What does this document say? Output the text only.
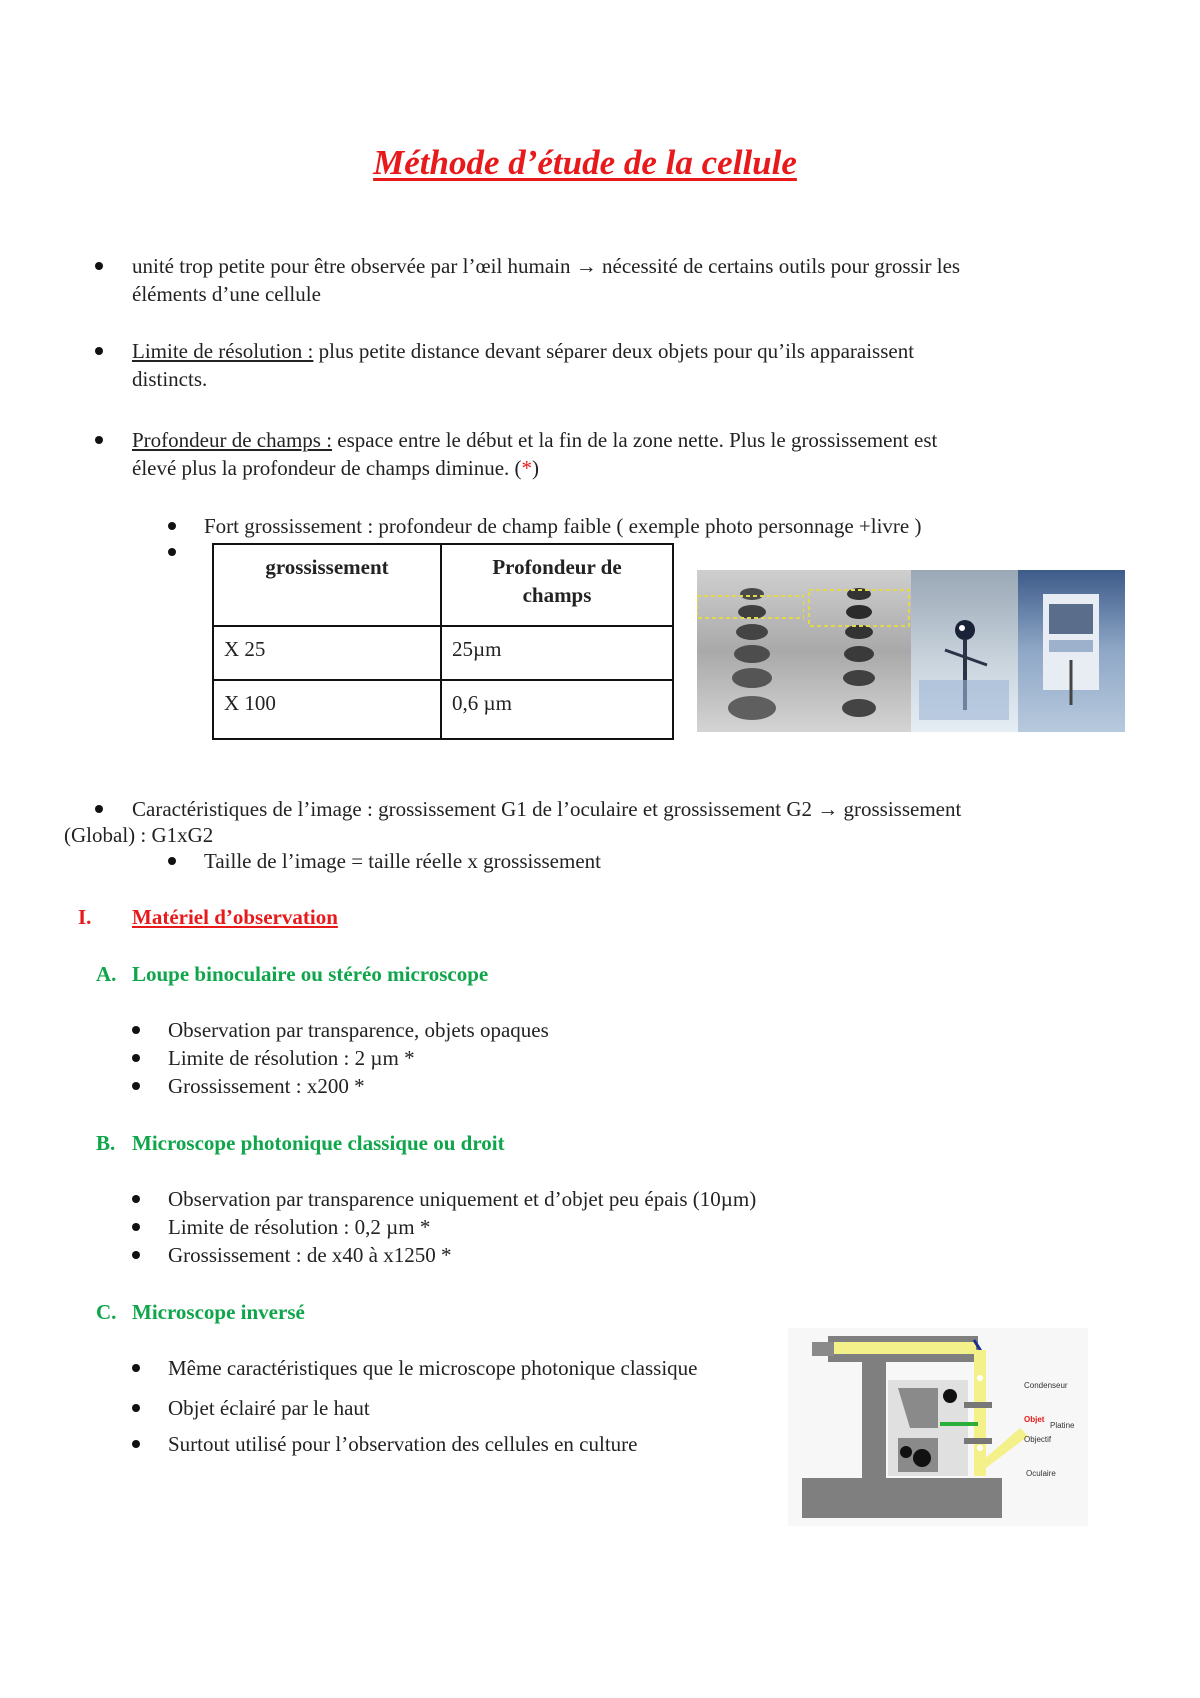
Méthode d’étude de la cellule
unité trop petite pour être observée par l’œil humain → nécessité de certains outils pour grossir les
éléments d’une cellule
Limite de résolution : plus petite distance devant séparer deux objets pour qu’ils apparaissent
distincts.
Profondeur de champs : espace entre le début et la fin de la zone nette. Plus le grossissement est
élevé plus la profondeur de champs diminue. (*)
Fort grossissement : profondeur de champ faible ( exemple photo personnage +livre )
grossissement	Profondeur de
champs
X 25	25µm
X 100	0,6 µm
Caractéristiques de l’image : grossissement G1 de l’oculaire et grossissement G2 → grossissement
(Global) : G1xG2
Taille de l’image = taille réelle x grossissement
I. Matériel d’observation
A. Loupe binoculaire ou stéréo microscope
Observation par transparence, objets opaques
Limite de résolution : 2 µm *
Grossissement : x200 *
B. Microscope photonique classique ou droit
Observation par transparence uniquement et d’objet peu épais (10µm)
Limite de résolution : 0,2 µm *
Grossissement : de x40 à x1250 *
C. Microscope inversé
Même caractéristiques que le microscope photonique classique
Objet éclairé par le haut
Surtout utilisé pour l’observation des cellules en culture
Condenseur
Objet
Platine
Objectif
Oculaire
